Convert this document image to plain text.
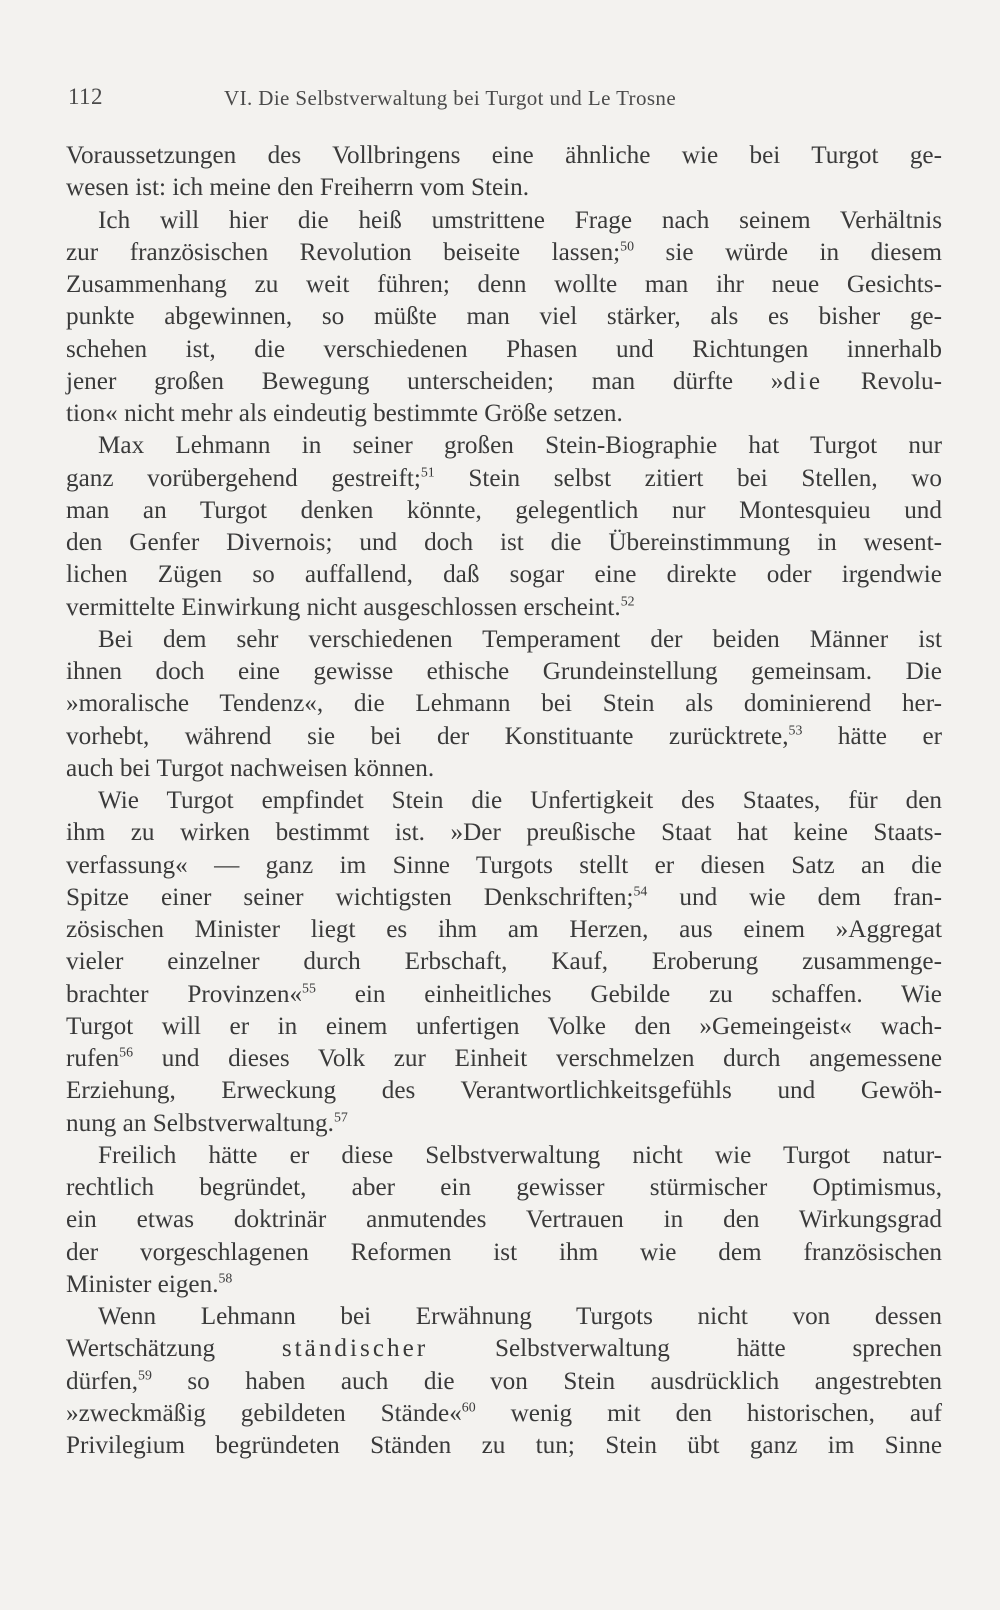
112	VI. Die Selbstverwaltung bei Turgot und Le Trosne
Voraussetzungen des Vollbringens eine ähnliche wie bei Turgot ge-
wesen ist: ich meine den Freiherrn vom Stein.
Ich will hier die heiß umstrittene Frage nach seinem Verhältnis
zur französischen Revolution beiseite lassen;$^{50}$ sie würde in diesem
Zusammenhang zu weit führen; denn wollte man ihr neue Gesichts-
punkte abgewinnen, so müßte man viel stärker, als es bisher ge-
schehen ist, die verschiedenen Phasen und Richtungen innerhalb
jener großen Bewegung unterscheiden; man dürfte »die Revolu-
tion« nicht mehr als eindeutig bestimmte Größe setzen.
Max Lehmann in seiner großen Stein-Biographie hat Turgot nur
ganz vorübergehend gestreift;$^{51}$ Stein selbst zitiert bei Stellen, wo
man an Turgot denken könnte, gelegentlich nur Montesquieu und
den Genfer Divernois; und doch ist die Übereinstimmung in wesent-
lichen Zügen so auffallend, daß sogar eine direkte oder irgendwie
vermittelte Einwirkung nicht ausgeschlossen erscheint.$^{52}$
Bei dem sehr verschiedenen Temperament der beiden Männer ist
ihnen doch eine gewisse ethische Grundeinstellung gemeinsam. Die
»moralische Tendenz«, die Lehmann bei Stein als dominierend her-
vorhebt, während sie bei der Konstituante zurücktrete,$^{53}$ hätte er
auch bei Turgot nachweisen können.
Wie Turgot empfindet Stein die Unfertigkeit des Staates, für den
ihm zu wirken bestimmt ist. »Der preußische Staat hat keine Staats-
verfassung« — ganz im Sinne Turgots stellt er diesen Satz an die
Spitze einer seiner wichtigsten Denkschriften;$^{54}$ und wie dem fran-
zösischen Minister liegt es ihm am Herzen, aus einem »Aggregat
vieler einzelner durch Erbschaft, Kauf, Eroberung zusammenge-
brachter Provinzen«$^{55}$ ein einheitliches Gebilde zu schaffen. Wie
Turgot will er in einem unfertigen Volke den »Gemeingeist« wach-
rufen$^{56}$ und dieses Volk zur Einheit verschmelzen durch angemessene
Erziehung, Erweckung des Verantwortlichkeitsgefühls und Gewöh-
nung an Selbstverwaltung.$^{57}$
Freilich hätte er diese Selbstverwaltung nicht wie Turgot natur-
rechtlich begründet, aber ein gewisser stürmischer Optimismus,
ein etwas doktrinär anmutendes Vertrauen in den Wirkungsgrad
der vorgeschlagenen Reformen ist ihm wie dem französischen
Minister eigen.$^{58}$
Wenn Lehmann bei Erwähnung Turgots nicht von dessen
Wertschätzung ständischer Selbstverwaltung hätte sprechen
dürfen,$^{59}$ so haben auch die von Stein ausdrücklich angestrebten
»zweckmäßig gebildeten Stände«$^{60}$ wenig mit den historischen, auf
Privilegium begründeten Ständen zu tun; Stein übt ganz im Sinne
